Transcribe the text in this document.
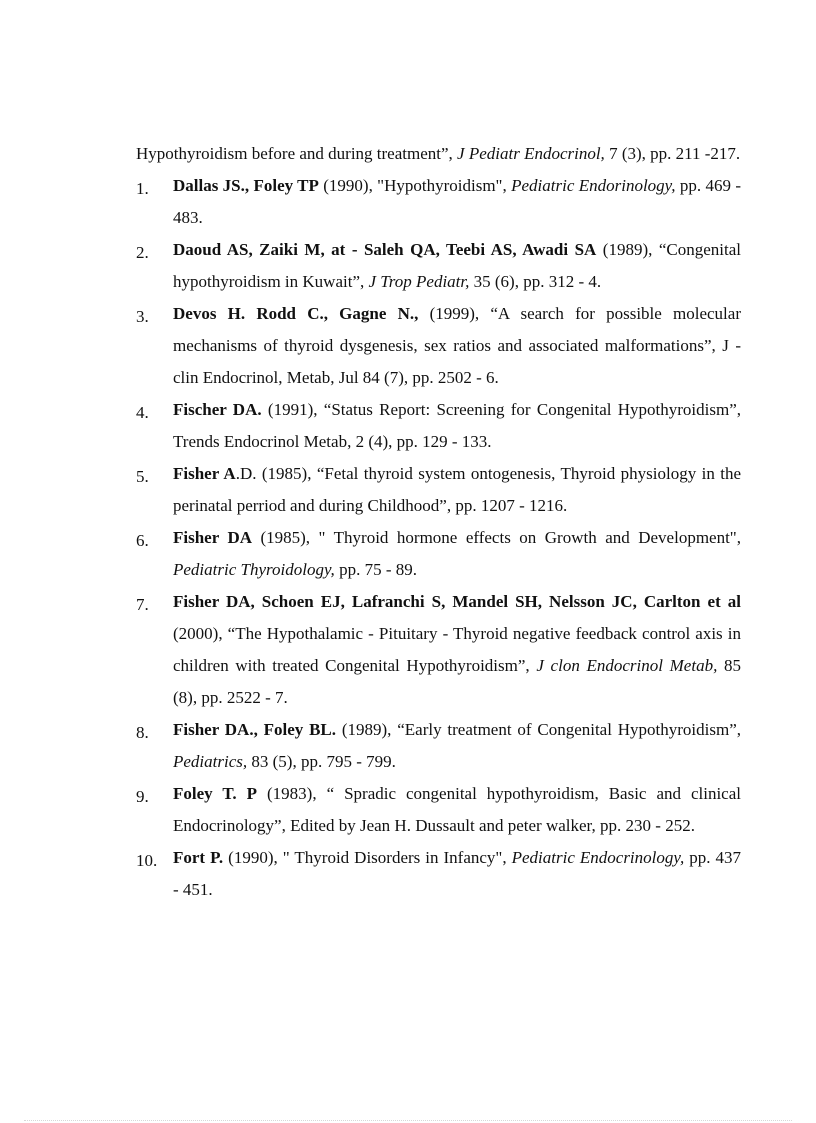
Hypothyroidism before and during treatment”, J Pediatr Endocrinol, 7 (3), pp. 211 -217.

1. Dallas JS., Foley TP (1990), "Hypothyroidism", Pediatric Endorinology, pp. 469 - 483.
2. Daoud AS, Zaiki M, at - Saleh QA, Teebi AS, Awadi SA (1989), “Congenital hypothyroidism in Kuwait”, J Trop Pediatr, 35 (6), pp. 312 - 4.
3. Devos H. Rodd C., Gagne N., (1999), “A search for possible molecular mechanisms of thyroid dysgenesis, sex ratios and associated malformations”, J - clin Endocrinol, Metab, Jul 84 (7), pp. 2502 - 6.
4. Fischer DA. (1991), “Status Report: Screening for Congenital Hypothyroidism”, Trends Endocrinol Metab, 2 (4), pp. 129 - 133.
5. Fisher A.D. (1985), “Fetal thyroid system ontogenesis, Thyroid physiology in the perinatal perriod and during Childhood”, pp. 1207 - 1216.
6. Fisher DA (1985), " Thyroid hormone effects on Growth and Development", Pediatric Thyroidology, pp. 75 - 89.
7. Fisher DA, Schoen EJ, Lafranchi S, Mandel SH, Nelsson JC, Carlton et al (2000), “The Hypothalamic - Pituitary - Thyroid negative feedback control axis in children with treated Congenital Hypothyroidism”, J clon Endocrinol Metab, 85 (8), pp. 2522 - 7.
8. Fisher DA., Foley BL. (1989), “Early treatment of Congenital Hypothyroidism”, Pediatrics, 83 (5), pp. 795 - 799.
9. Foley T. P (1983), “ Spradic congenital hypothyroidism, Basic and clinical Endocrinology”, Edited by Jean H. Dussault and peter walker, pp. 230 - 252.
10. Fort P. (1990), " Thyroid Disorders in Infancy", Pediatric Endocrinology, pp. 437 - 451.
